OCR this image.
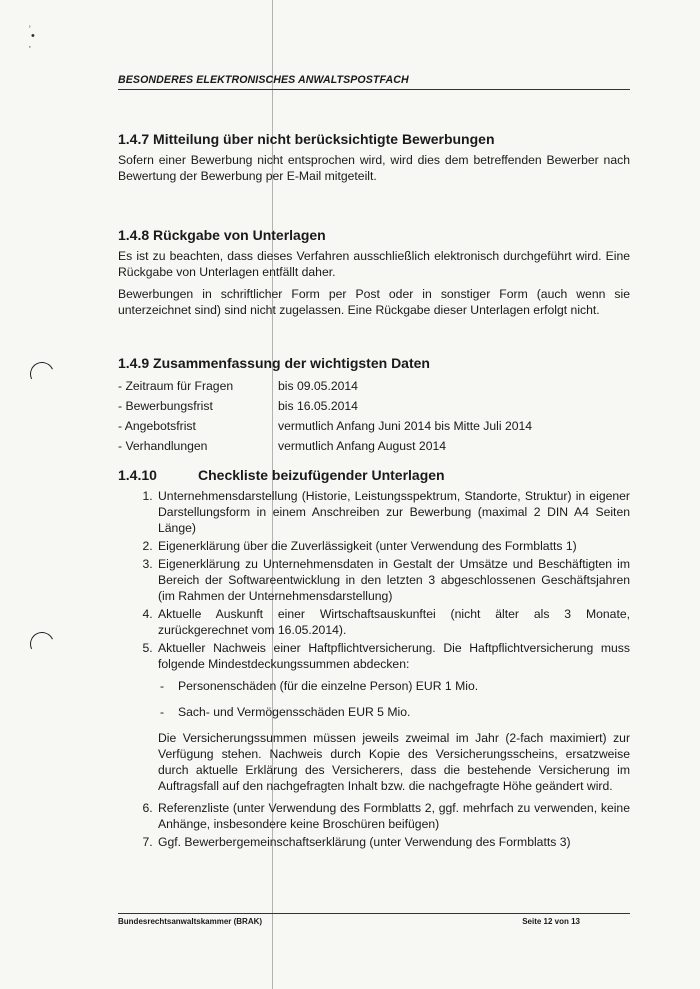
˒
•
·
BESONDERES ELEKTRONISCHES ANWALTSPOSTFACH
1.4.7 Mitteilung über nicht berücksichtigte Bewerbungen

Sofern einer Bewerbung nicht entsprochen wird, wird dies dem betreffenden Bewerber nach Bewertung der Bewerbung per E-Mail mitgeteilt.

1.4.8 Rückgabe von Unterlagen

Es ist zu beachten, dass dieses Verfahren ausschließlich elektronisch durchgeführt wird. Eine Rückgabe von Unterlagen entfällt daher.

Bewerbungen in schriftlicher Form per Post oder in sonstiger Form (auch wenn sie unterzeichnet sind) sind nicht zugelassen. Eine Rückgabe dieser Unterlagen erfolgt nicht.

1.4.9 Zusammenfassung der wichtigsten Daten
- Zeitraum für Fragen	bis 09.05.2014
- Bewerbungsfrist	bis 16.05.2014
- Angebotsfrist	vermutlich Anfang Juni 2014 bis Mitte Juli 2014
- Verhandlungen	vermutlich Anfang August 2014
1.4.10	Checkliste beizufügender Unterlagen
1. Unternehmensdarstellung (Historie, Leistungsspektrum, Standorte, Struktur) in eigener Darstellungsform in einem Anschreiben zur Bewerbung (maximal 2 DIN A4 Seiten Länge)
2. Eigenerklärung über die Zuverlässigkeit (unter Verwendung des Formblatts 1)
3. Eigenerklärung zu Unternehmensdaten in Gestalt der Umsätze und Beschäftigten im Bereich der Softwareentwicklung in den letzten 3 abgeschlossenen Geschäftsjahren (im Rahmen der Unternehmensdarstellung)
4. Aktuelle Auskunft einer Wirtschaftsauskunftei (nicht älter als 3 Monate, zurückgerechnet vom 16.05.2014).
5. Aktueller Nachweis einer Haftpflichtversicherung. Die Haftpflichtversicherung muss folgende Mindestdeckungssummen abdecken:
- Personenschäden (für die einzelne Person) EUR 1 Mio.
- Sach- und Vermögensschäden EUR 5 Mio.
Die Versicherungssummen müssen jeweils zweimal im Jahr (2-fach maximiert) zur Verfügung stehen. Nachweis durch Kopie des Versicherungsscheins, ersatzweise durch aktuelle Erklärung des Versicherers, dass die bestehende Versicherung im Auftragsfall auf den nachgefragten Inhalt bzw. die nachgefragte Höhe geändert wird.
6. Referenzliste (unter Verwendung des Formblatts 2, ggf. mehrfach zu verwenden, keine Anhänge, insbesondere keine Broschüren beifügen)
7. Ggf. Bewerbergemeinschaftserklärung (unter Verwendung des Formblatts 3)
Bundesrechtsanwaltskammer (BRAK)	Seite 12 von 13
